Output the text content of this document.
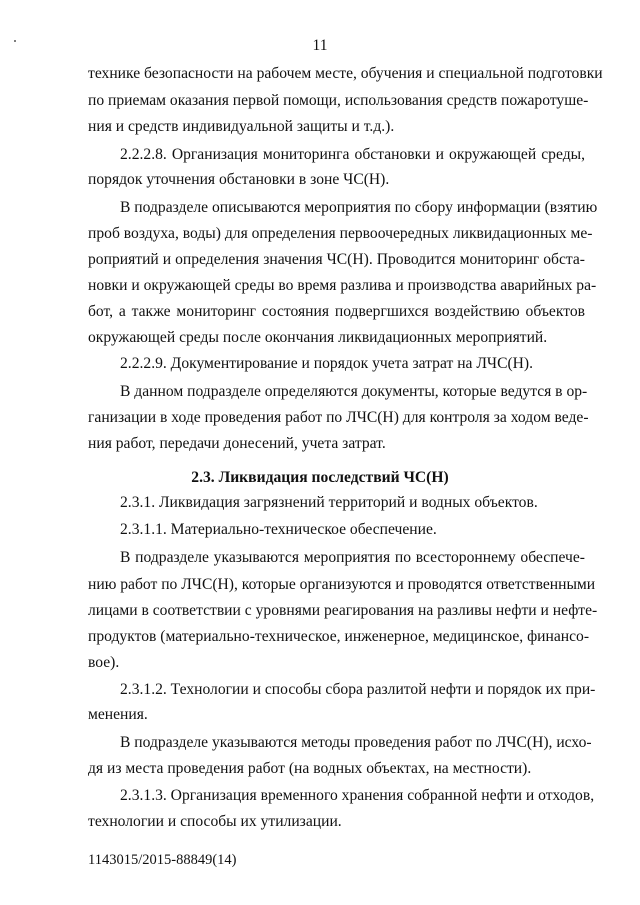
11
технике безопасности на рабочем месте, обучения и специальной подготовки
по приемам оказания первой помощи, использования средств пожаротуше-
ния и средств индивидуальной защиты и т.д.).
2.2.2.8. Организация мониторинга обстановки и окружающей среды,
порядок уточнения обстановки в зоне ЧС(Н).
В подразделе описываются мероприятия по сбору информации (взятию
проб воздуха, воды) для определения первоочередных ликвидационных ме-
роприятий и определения значения ЧС(Н). Проводится мониторинг обста-
новки и окружающей среды во время разлива и производства аварийных ра-
бот, а также мониторинг состояния подвергшихся воздействию объектов
окружающей среды после окончания ликвидационных мероприятий.
2.2.2.9. Документирование и порядок учета затрат на ЛЧС(Н).
В данном подразделе определяются документы, которые ведутся в ор-
ганизации в ходе проведения работ по ЛЧС(Н) для контроля за ходом веде-
ния работ, передачи донесений, учета затрат.
2.3. Ликвидация последствий ЧС(Н)
2.3.1. Ликвидация загрязнений территорий и водных объектов.
2.3.1.1. Материально-техническое обеспечение.
В подразделе указываются мероприятия по всестороннему обеспече-
нию работ по ЛЧС(Н), которые организуются и проводятся ответственными
лицами в соответствии с уровнями реагирования на разливы нефти и нефте-
продуктов (материально-техническое, инженерное, медицинское, финансо-
вое).
2.3.1.2. Технологии и способы сбора разлитой нефти и порядок их при-
менения.
В подразделе указываются методы проведения работ по ЛЧС(Н), исхо-
дя из места проведения работ (на водных объектах, на местности).
2.3.1.3. Организация временного хранения собранной нефти и отходов,
технологии и способы их утилизации.
1143015/2015-88849(14)
